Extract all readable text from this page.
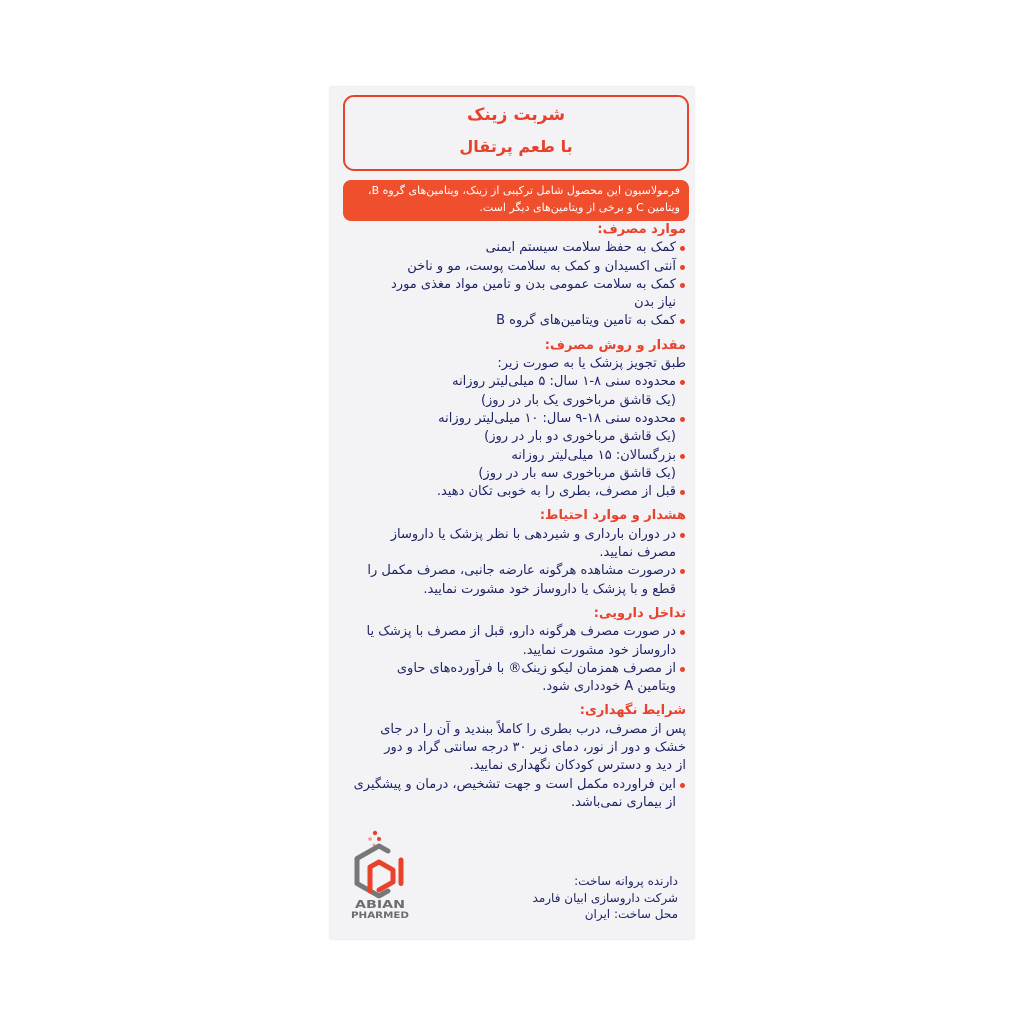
شربت زینک
با طعم پرتقال
فرمولاسیون این محصول شامل ترکیبی از زینک، ویتامین‌های گروه B،
ویتامین C و برخی از ویتامین‌های دیگر است.
موارد مصرف:
کمک به حفظ سلامت سیستم ایمنی
آنتی اکسیدان و کمک به سلامت پوست، مو و ناخن
کمک به سلامت عمومی بدن و تامین مواد مغذی مورد
نیاز بدن
کمک به تامین ویتامین‌های گروه B
مقدار و روش مصرف:
طبق تجویز پزشک یا به صورت زیر:
محدوده سنی ۸-۱ سال: ۵ میلی‌لیتر روزانه
(یک قاشق مرباخوری یک بار در روز)
محدوده سنی ۱۸-۹ سال: ۱۰ میلی‌لیتر روزانه
(یک قاشق مرباخوری دو بار در روز)
بزرگسالان: ۱۵ میلی‌لیتر روزانه
(یک قاشق مرباخوری سه بار در روز)
قبل از مصرف، بطری را به خوبی تکان دهید.
هشدار و موارد احتیاط:
در دوران بارداری و شیردهی با نظر پزشک یا داروساز
مصرف نمایید.
درصورت مشاهده هرگونه عارضه جانبی، مصرف مکمل را
قطع و با پزشک یا داروساز خود مشورت نمایید.
تداخل دارویی:
در صورت مصرف هرگونه دارو، قبل از مصرف با پزشک یا
داروساز خود مشورت نمایید.
از مصرف همزمان لیکو زینک® با فرآورده‌های حاوی
ویتامین A خودداری شود.
شرایط نگهداری:
پس از مصرف، درب بطری را کاملاً ببندید و آن را در جای
خشک و دور از نور، دمای زیر ۳۰ درجه سانتی گراد و دور
از دید و دسترس کودکان نگهداری نمایید.
این فراورده مکمل است و جهت تشخیص، درمان و پیشگیری
از بیماری نمی‌باشد.
ABIAN
PHARMED
دارنده پروانه ساخت:
شرکت داروسازی ابیان فارمد
محل ساخت: ایران
